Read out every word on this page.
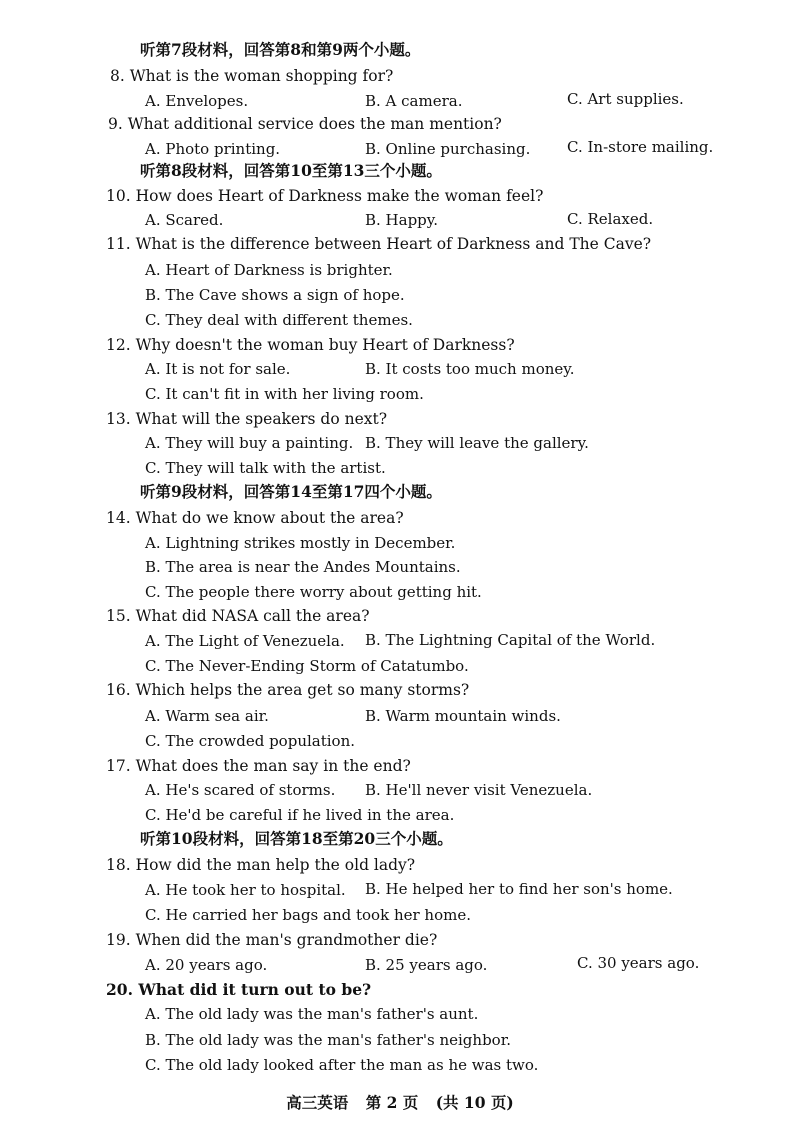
听第7段材料，回答第8和第9两个小题。
8. What is the woman shopping for?
A. Envelopes.	B. A camera.	C. Art supplies.
9. What additional service does the man mention?
A. Photo printing.	B. Online purchasing. C. In-store mailing.
听第8段材料，回答第10至第13三个小题。
10. How does Heart of Darkness make the woman feel?
A. Scared.	B. Happy.	C. Relaxed.
11. What is the difference between Heart of Darkness and The Cave?
A. Heart of Darkness is brighter.
B. The Cave shows a sign of hope.
C. They deal with different themes.
12. Why doesn't the woman buy Heart of Darkness?
A. It is not for sale.	B. It costs too much money.
C. It can't fit in with her living room.
13. What will the speakers do next?
A. They will buy a painting. B. They will leave the gallery.
C. They will talk with the artist.
听第9段材料，回答第14至第17四个小题。
14. What do we know about the area?
A. Lightning strikes mostly in December.
B. The area is near the Andes Mountains.
C. The people there worry about getting hit.
15. What did NASA call the area?
A. The Light of Venezuela. B. The Lightning Capital of the World.
C. The Never-Ending Storm of Catatumbo.
16. Which helps the area get so many storms?
A. Warm sea air.	B. Warm mountain winds.
C. The crowded population.
17. What does the man say in the end?
A. He's scared of storms. B. He'll never visit Venezuela.
C. He'd be careful if he lived in the area.
听第10段材料，回答第18至第20三个小题。
18. How did the man help the old lady?
A. He took her to hospital. B. He helped her to find her son's home.
C. He carried her bags and took her home.
19. When did the man's grandmother die?
A. 20 years ago.	B. 25 years ago.	C. 30 years ago.
20. What did it turn out to be?
A. The old lady was the man's father's aunt.
B. The old lady was the man's father's neighbor.
C. The old lady looked after the man as he was two.
高三英语 第 2 页 (共 10 页)
